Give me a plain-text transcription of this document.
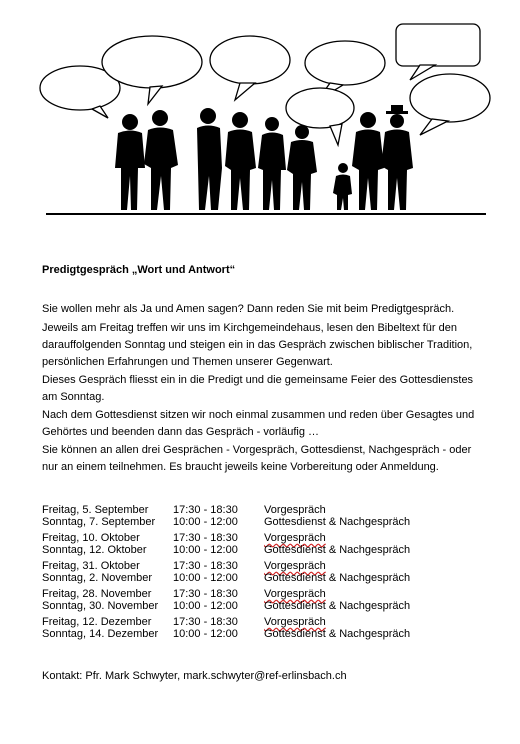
Predigtgespräch „Wort und Antwort“

Sie wollen mehr als Ja und Amen sagen? Dann reden Sie mit beim Predigtgespräch.

Jeweils am Freitag treffen wir uns im Kirchgemeindehaus, lesen den Bibeltext für den darauffolgenden Sonntag und steigen ein in das Gespräch zwischen biblischer Tradition, persönlichen Erfahrungen und Themen unserer Gegenwart.

Dieses Gespräch fliesst ein in die Predigt und die gemeinsame Feier des Gottesdienstes am Sonntag.

Nach dem Gottesdienst sitzen wir noch einmal zusammen und reden über Gesagtes und Gehörtes und beenden dann das Gespräch - vorläufig …

Sie können an allen drei Gesprächen - Vorgespräch, Gottesdienst, Nachgespräch - oder nur an einem teilnehmen. Es braucht jeweils keine Vorbereitung oder Anmeldung.

Freitag, 5. September 17:30 - 18:30 Vorgespräch
Sonntag, 7. September 10:00 - 12:00 Gottesdienst & Nachgespräch
Freitag, 10. Oktober	17:30 - 18:30 Vorgespräch
Sonntag, 12. Oktober 10:00 - 12:00 Gottesdienst & Nachgespräch
Freitag, 31. Oktober	17:30 - 18:30 Vorgespräch
Sonntag, 2. November 10:00 - 12:00 Gottesdienst & Nachgespräch
Freitag, 28. November 17:30 - 18:30 Vorgespräch
Sonntag, 30. November 10:00 - 12:00 Gottesdienst & Nachgespräch
Freitag, 12. Dezember 17:30 - 18:30 Vorgespräch
Sonntag, 14. Dezember 10:00 - 12:00 Gottesdienst & Nachgespräch
Kontakt: Pfr. Mark Schwyter, mark.schwyter@ref-erlinsbach.ch
